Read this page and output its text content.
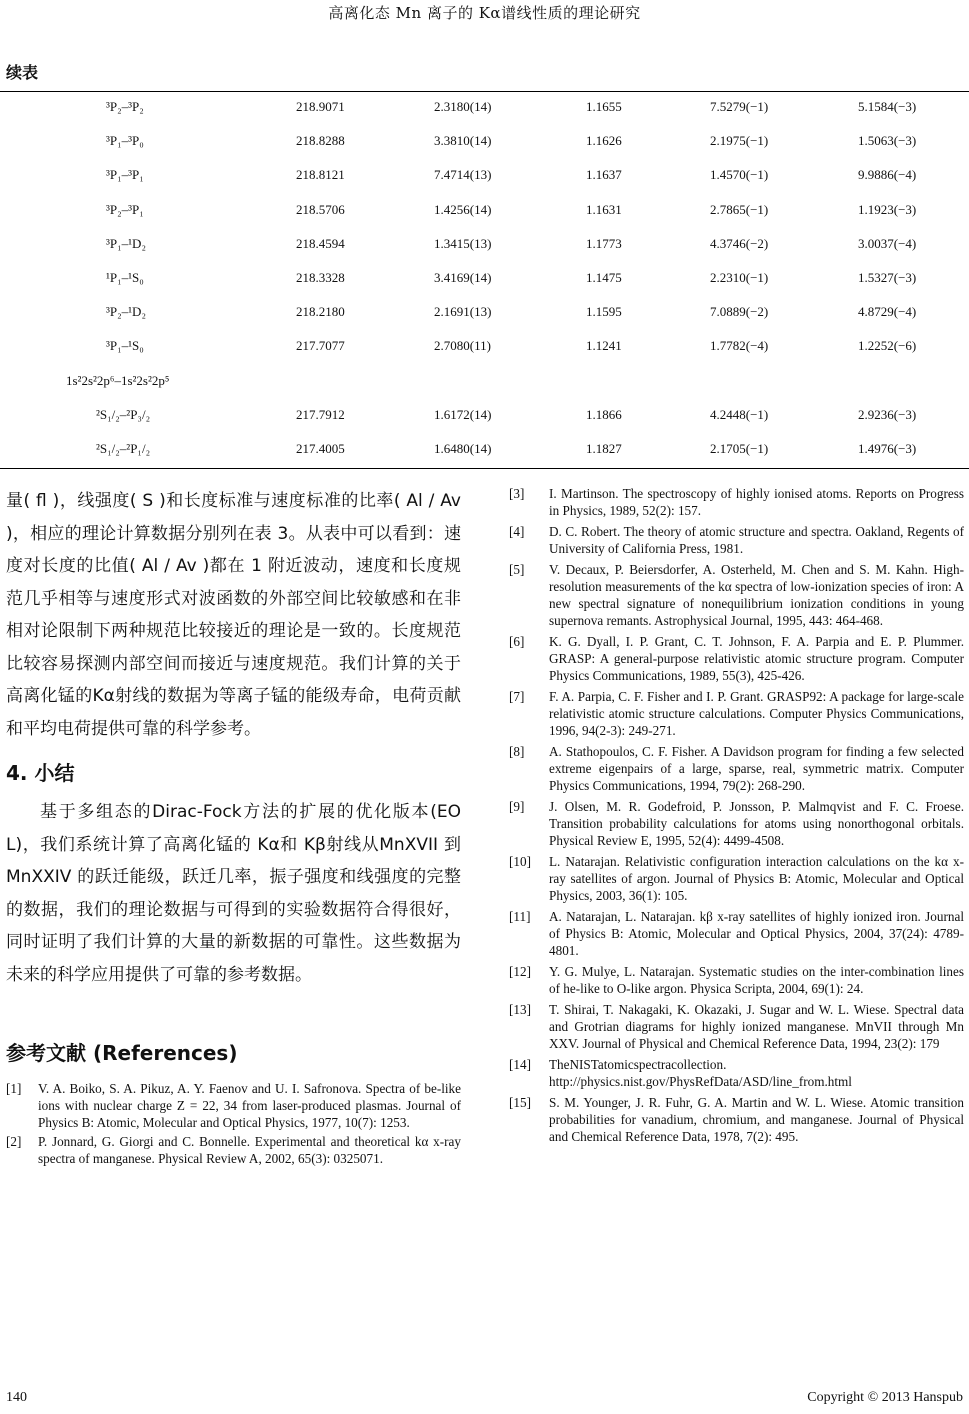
高离化态 Mn 离子的 Kα谱线性质的理论研究
续表
³P₂–³P₂	218.9071	2.3180(14)	1.1655	7.5279(−1)	5.1584(−3)
³P₁–³P₀	218.8288	3.3810(14)	1.1626	2.1975(−1)	1.5063(−3)
³P₁–³P₁	218.8121	7.4714(13)	1.1637	1.4570(−1)	9.9886(−4)
³P₂–³P₁	218.5706	1.4256(14)	1.1631	2.7865(−1)	1.1923(−3)
³P₁–¹D₂	218.4594	1.3415(13)	1.1773	4.3746(−2)	3.0037(−4)
¹P₁–¹S₀	218.3328	3.4169(14)	1.1475	2.2310(−1)	1.5327(−3)
³P₂–¹D₂	218.2180	2.1691(13)	1.1595	7.0889(−2)	4.8729(−4)
³P₁–¹S₀	217.7077	2.7080(11)	1.1241	1.7782(−4)	1.2252(−6)
1s²2s²2p⁶–1s²2s²2p⁵
²S₁/₂–²P₃/₂	217.7912	1.6172(14)	1.1866	4.2448(−1)	2.9236(−3)
²S₁/₂–²P₁/₂	217.4005	1.6480(14)	1.1827	2.1705(−1)	1.4976(−3)

量( fl )，线强度( S )和长度标准与速度标准的比率( Al / Av )，相应的理论计算数据分别列在表 3。从表中可以看到：速度对长度的比值( Al / Av )都在 1 附近波动，速度和长度规范几乎相等与速度形式对波函数的外部空间比较敏感和在非相对论限制下两种规范比较接近的理论是一致的。长度规范比较容易探测内部空间而接近与速度规范。我们计算的关于高离化锰的Kα射线的数据为等离子锰的能级寿命，电荷贡献和平均电荷提供可靠的科学参考。

4. 小结

基于多组态的Dirac-Fock方法的扩展的优化版本(EOL)，我们系统计算了高离化锰的 Kα和 Kβ射线从MnXVII 到 MnXXIV 的跃迁能级，跃迁几率，振子强度和线强度的完整的数据，我们的理论数据与可得到的实验数据符合得很好，同时证明了我们计算的大量的新数据的可靠性。这些数据为未来的科学应用提供了可靠的参考数据。

参考文献 (References)
[1]	V. A. Boiko, S. A. Pikuz, A. Y. Faenov and U. I. Safronova. Spectra of be-like ions with nuclear charge Z = 22, 34 from laser-produced plasmas. Journal of Physics B: Atomic, Molecular and Optical Physics, 1977, 10(7): 1253.
[2]	P. Jonnard, G. Giorgi and C. Bonnelle. Experimental and theoretical kα x-ray spectra of manganese. Physical Review A, 2002, 65(3): 0325071.
[3]	I. Martinson. The spectroscopy of highly ionised atoms. Reports on Progress in Physics, 1989, 52(2): 157.
[4]	D. C. Robert. The theory of atomic structure and spectra. Oakland, Regents of University of California Press, 1981.
[5]	V. Decaux, P. Beiersdorfer, A. Osterheld, M. Chen and S. M. Kahn. High-resolution measurements of the kα spectra of low-ionization species of iron: A new spectral signature of nonequilibrium ionization conditions in young supernova remants. Astrophysical Journal, 1995, 443: 464-468.
[6]	K. G. Dyall, I. P. Grant, C. T. Johnson, F. A. Parpia and E. P. Plummer. GRASP: A general-purpose relativistic atomic structure program. Computer Physics Communications, 1989, 55(3), 425-426.
[7]	F. A. Parpia, C. F. Fisher and I. P. Grant. GRASP92: A package for large-scale relativistic atomic structure calculations. Computer Physics Communications, 1996, 94(2-3): 249-271.
[8]	A. Stathopoulos, C. F. Fisher. A Davidson program for finding a few selected extreme eigenpairs of a large, sparse, real, symmetric matrix. Computer Physics Communications, 1994, 79(2): 268-290.
[9]	J. Olsen, M. R. Godefroid, P. Jonsson, P. Malmqvist and F. C. Froese. Transition probability calculations for atoms using nonorthogonal orbitals. Physical Review E, 1995, 52(4): 4499-4508.
[10]	L. Natarajan. Relativistic configuration interaction calculations on the kα x-ray satellites of argon. Journal of Physics B: Atomic, Molecular and Optical Physics, 2003, 36(1): 105.
[11]	A. Natarajan, L. Natarajan. kβ x-ray satellites of highly ionized iron. Journal of Physics B: Atomic, Molecular and Optical Physics, 2004, 37(24): 4789-4801.
[12]	Y. G. Mulye, L. Natarajan. Systematic studies on the inter-combination lines of he-like to O-like argon. Physica Scripta, 2004, 69(1): 24.
[13]	T. Shirai, T. Nakagaki, K. Okazaki, J. Sugar and W. L. Wiese. Spectral data and Grotrian diagrams for highly ionized manganese. MnVII through Mn XXV. Journal of Physical and Chemical Reference Data, 1994, 23(2): 179
[14]	TheNISTatomicspectracollection. http://physics.nist.gov/PhysRefData/ASD/line_from.html
[15]	S. M. Younger, J. R. Fuhr, G. A. Martin and W. L. Wiese. Atomic transition probabilities for vanadium, chromium, and manganese. Journal of Physical and Chemical Reference Data, 1978, 7(2): 495.
140	Copyright © 2013 Hanspub
